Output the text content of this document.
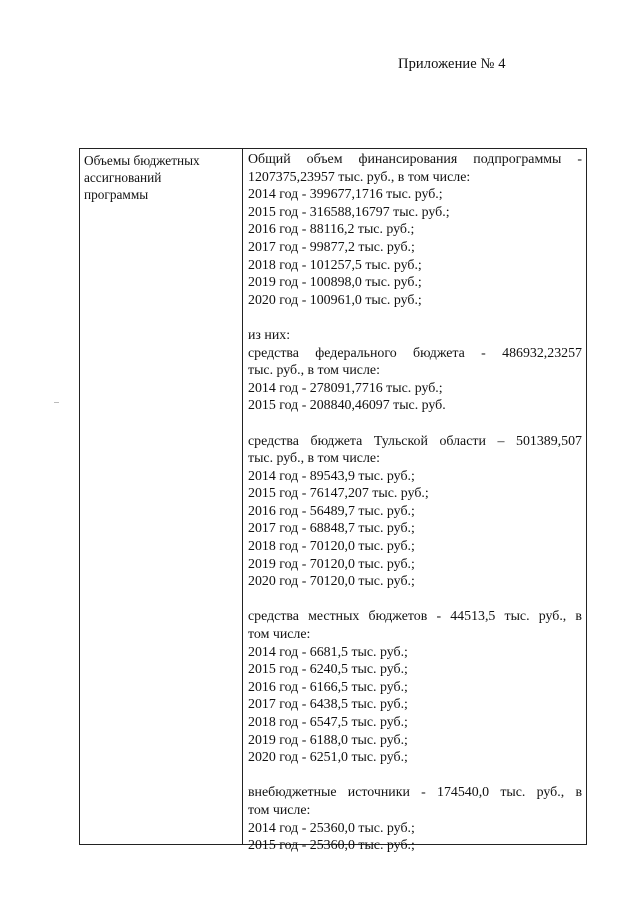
Приложение № 4
Объемы бюджетных
ассигнований
программы
Общий объем финансирования подпрограммы -
1207375,23957 тыс. руб., в том числе:
2014 год - 399677,1716 тыс. руб.;
2015 год - 316588,16797 тыс. руб.;
2016 год - 88116,2 тыс. руб.;
2017 год - 99877,2 тыс. руб.;
2018 год - 101257,5 тыс. руб.;
2019 год - 100898,0 тыс. руб.;
2020 год - 100961,0 тыс. руб.;
из них:
средства федерального бюджета - 486932,23257
тыс. руб., в том числе:
2014 год - 278091,7716 тыс. руб.;
2015 год - 208840,46097 тыс. руб.
средства бюджета Тульской области – 501389,507
тыс. руб., в том числе:
2014 год - 89543,9 тыс. руб.;
2015 год - 76147,207 тыс. руб.;
2016 год - 56489,7 тыс. руб.;
2017 год - 68848,7 тыс. руб.;
2018 год - 70120,0 тыс. руб.;
2019 год - 70120,0 тыс. руб.;
2020 год - 70120,0 тыс. руб.;
средства местных бюджетов - 44513,5 тыс. руб., в
том числе:
2014 год - 6681,5 тыс. руб.;
2015 год - 6240,5 тыс. руб.;
2016 год - 6166,5 тыс. руб.;
2017 год - 6438,5 тыс. руб.;
2018 год - 6547,5 тыс. руб.;
2019 год - 6188,0 тыс. руб.;
2020 год - 6251,0 тыс. руб.;
внебюджетные источники - 174540,0 тыс. руб., в
том числе:
2014 год - 25360,0 тыс. руб.;
2015 год - 25360,0 тыс. руб.;
